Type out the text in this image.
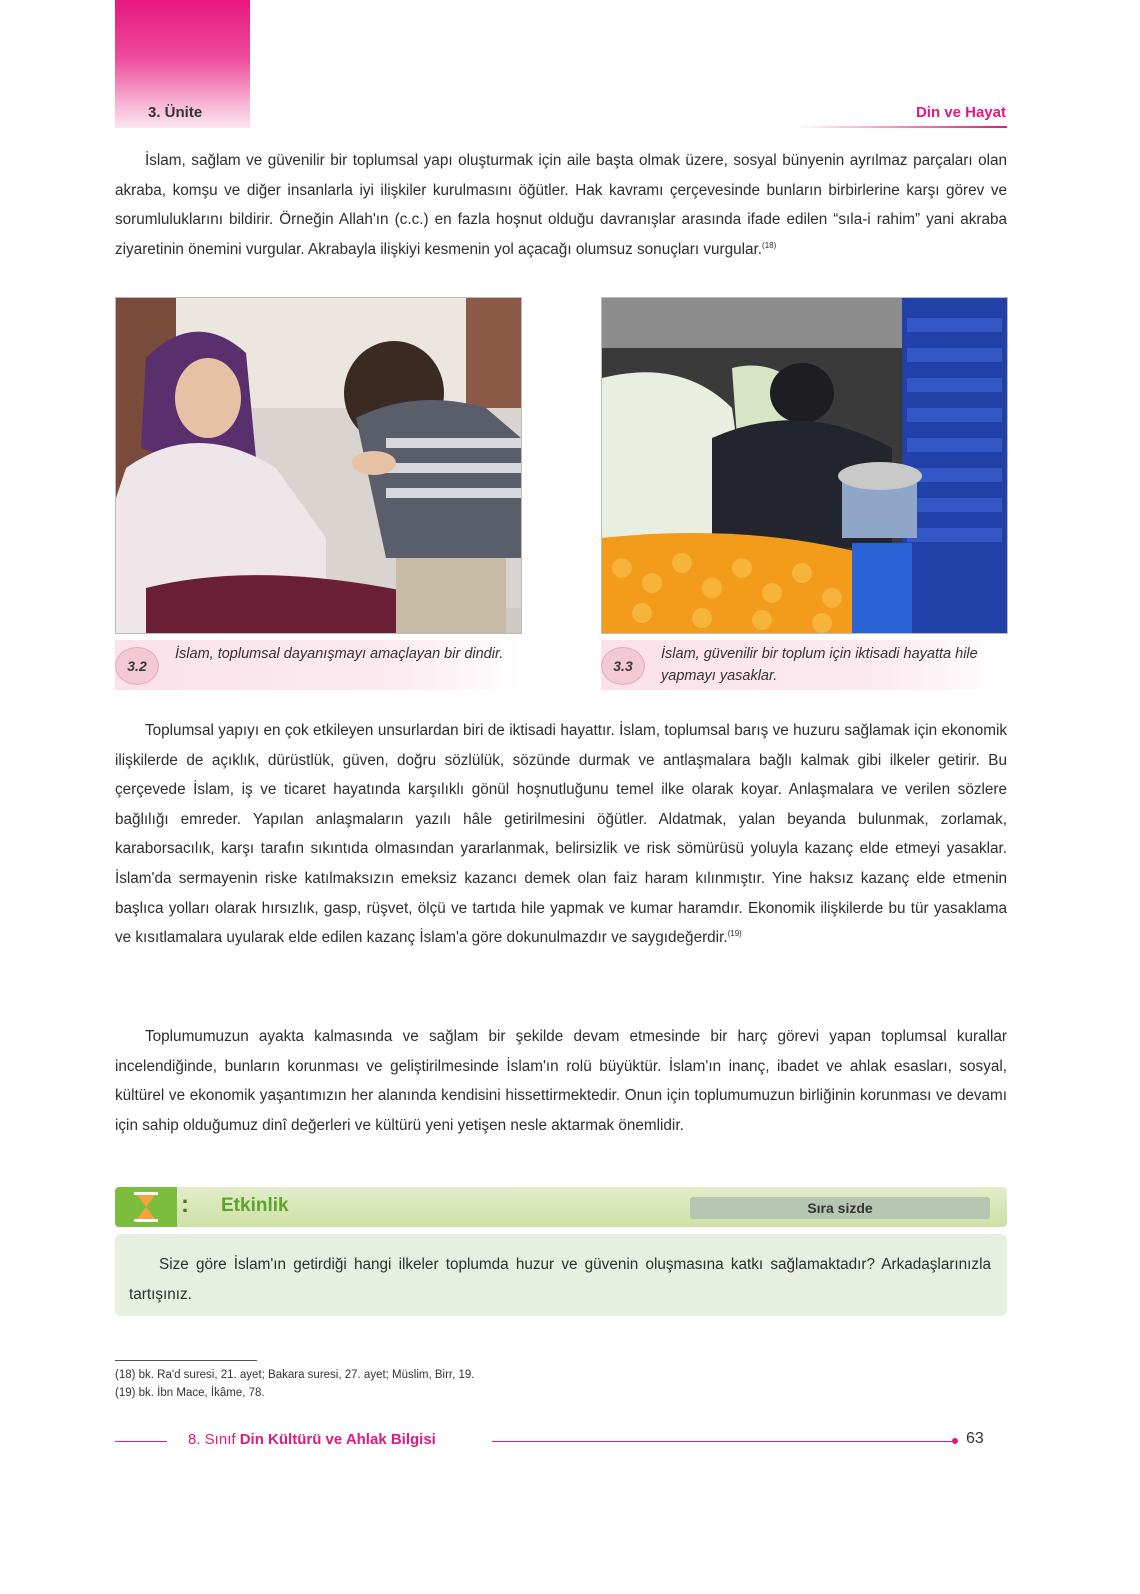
3. Ünite	Din ve Hayat

İslam, sağlam ve güvenilir bir toplumsal yapı oluşturmak için aile başta olmak üzere, sosyal bünyenin ayrılmaz parçaları olan akraba, komşu ve diğer insanlarla iyi ilişkiler kurulmasını öğütler. Hak kavramı çerçevesinde bunların birbirlerine karşı görev ve sorumluluklarını bildirir. Örneğin Allah'ın (c.c.) en fazla hoşnut olduğu davranışlar arasında ifade edilen “sıla-i rahim” yani akraba ziyaretinin önemini vurgular. Akrabayla ilişkiyi kesmenin yol açacağı olumsuz sonuçları vurgular.$^{(18)}$

3.2
İslam, toplumsal dayanışmayı amaçlayan bir dindir.
3.3
İslam, güvenilir bir toplum için iktisadi hayatta hile yapmayı yasaklar.

Toplumsal yapıyı en çok etkileyen unsurlardan biri de iktisadi hayattır. İslam, toplumsal barış ve huzuru sağlamak için ekonomik ilişkilerde de açıklık, dürüstlük, güven, doğru sözlülük, sözünde durmak ve antlaşmalara bağlı kalmak gibi ilkeler getirir. Bu çerçevede İslam, iş ve ticaret hayatında karşılıklı gönül hoşnutluğunu temel ilke olarak koyar. Anlaşmalara ve verilen sözlere bağlılığı emreder. Yapılan anlaşmaların yazılı hâle getirilmesini öğütler. Aldatmak, yalan beyanda bulunmak, zorlamak, karaborsacılık, karşı tarafın sıkıntıda olmasından yararlanmak, belirsizlik ve risk sömürüsü yoluyla kazanç elde etmeyi yasaklar. İslam'da sermayenin riske katılmaksızın emeksiz kazancı demek olan faiz haram kılınmıştır. Yine haksız kazanç elde etmenin başlıca yolları olarak hırsızlık, gasp, rüşvet, ölçü ve tartıda hile yapmak ve kumar haramdır. Ekonomik ilişkilerde bu tür yasaklama ve kısıtlamalara uyularak elde edilen kazanç İslam'a göre dokunulmazdır ve saygıdeğerdir.$^{(19)}$

Toplumumuzun ayakta kalmasında ve sağlam bir şekilde devam etmesinde bir harç görevi yapan toplumsal kurallar incelendiğinde, bunların korunması ve geliştirilmesinde İslam'ın rolü büyüktür. İslam'ın inanç, ibadet ve ahlak esasları, sosyal, kültürel ve ekonomik yaşantımızın her alanında kendisini hissettirmektedir. Onun için toplumumuzun birliğinin korunması ve devamı için sahip olduğumuz dinî değerleri ve kültürü yeni yetişen nesle aktarmak önemlidir.

: Etkinlik	Sıra sizde

Size göre İslam'ın getirdiği hangi ilkeler toplumda huzur ve güvenin oluşmasına katkı sağlamaktadır? Arkadaşlarınızla tartışınız.

(18) bk. Ra'd suresi, 21. ayet; Bakara suresi, 27. ayet; Müslim, Birr, 19.
(19) bk. İbn Mace, İkâme, 78.
8. Sınıf Din Kültürü ve Ahlak Bilgisi	63
